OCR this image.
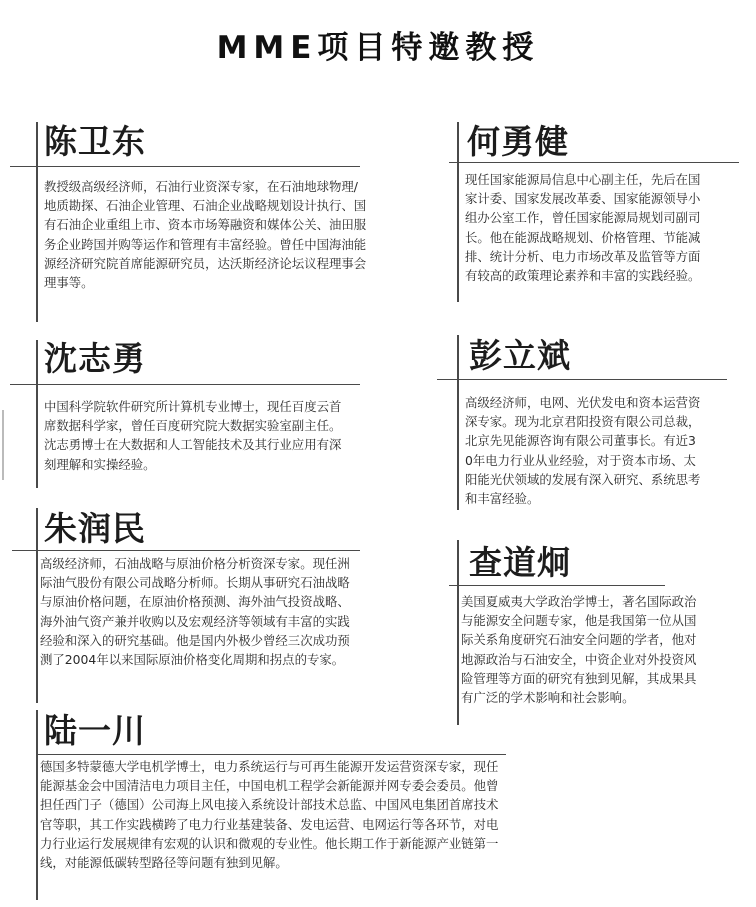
MME项目特邀教授
陈卫东

教授级高级经济师，石油行业资深专家，在石油地球物理/地质勘探、石油企业管理、石油企业战略规划设计执行、国有石油企业重组上市、资本市场筹融资和媒体公关、油田服务企业跨国并购等运作和管理有丰富经验。曾任中国海油能源经济研究院首席能源研究员，达沃斯经济论坛议程理事会理事等。

何勇健

现任国家能源局信息中心副主任，先后在国家计委、国家发展改革委、国家能源领导小组办公室工作，曾任国家能源局规划司副司长。他在能源战略规划、价格管理、节能减排、统计分析、电力市场改革及监管等方面有较高的政策理论素养和丰富的实践经验。

沈志勇

中国科学院软件研究所计算机专业博士，现任百度云首席数据科学家，曾任百度研究院大数据实验室副主任。沈志勇博士在大数据和人工智能技术及其行业应用有深刻理解和实操经验。

彭立斌

高级经济师，电网、光伏发电和资本运营资深专家。现为北京君阳投资有限公司总裁，北京先见能源咨询有限公司董事长。有近30年电力行业从业经验，对于资本市场、太阳能光伏领域的发展有深入研究、系统思考和丰富经验。

朱润民

高级经济师，石油战略与原油价格分析资深专家。现任洲际油气股份有限公司战略分析师。长期从事研究石油战略与原油价格问题，在原油价格预测、海外油气投资战略、海外油气资产兼并收购以及宏观经济等领域有丰富的实践经验和深入的研究基础。他是国内外极少曾经三次成功预测了2004年以来国际原油价格变化周期和拐点的专家。

查道炯

美国夏威夷大学政治学博士，著名国际政治与能源安全问题专家，他是我国第一位从国际关系角度研究石油安全问题的学者，他对地源政治与石油安全，中资企业对外投资风险管理等方面的研究有独到见解，其成果具有广泛的学术影响和社会影响。

陆一川

德国多特蒙德大学电机学博士，电力系统运行与可再生能源开发运营资深专家，现任能源基金会中国清洁电力项目主任，中国电机工程学会新能源并网专委会委员。他曾担任西门子（德国）公司海上风电接入系统设计部技术总监、中国风电集团首席技术官等职，其工作实践横跨了电力行业基建装备、发电运营、电网运行等各环节，对电力行业运行发展规律有宏观的认识和微观的专业性。他长期工作于新能源产业链第一线，对能源低碳转型路径等问题有独到见解。
